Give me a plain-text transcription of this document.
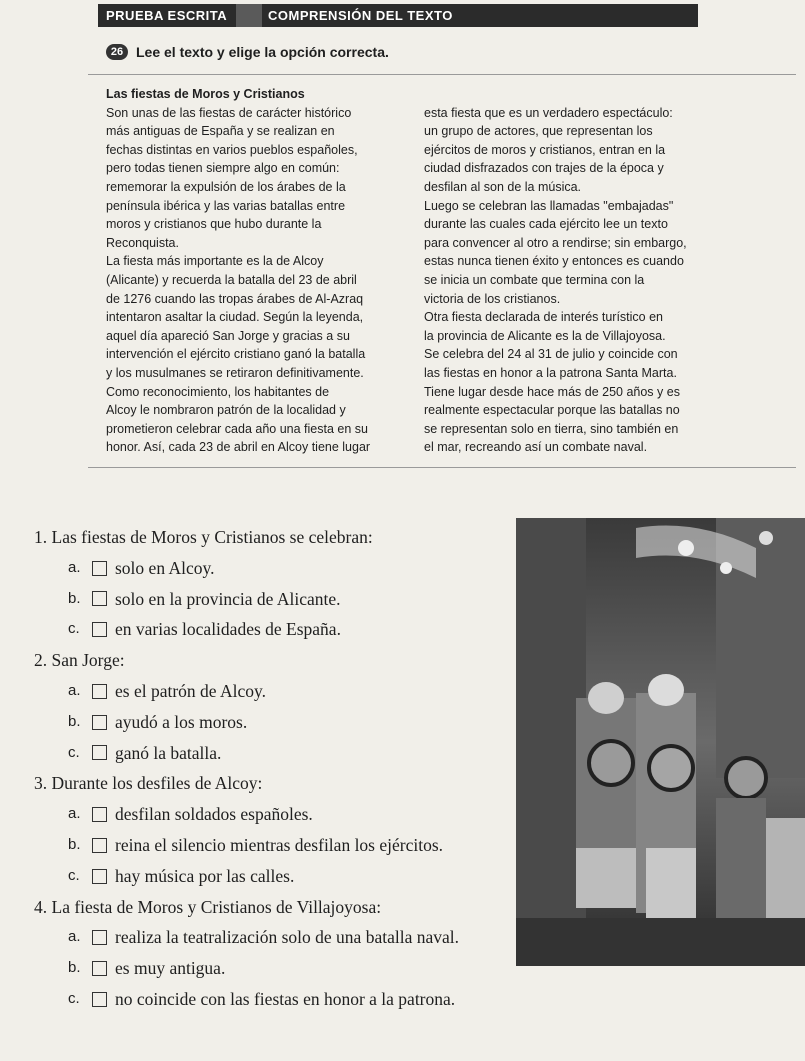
PRUEBA ESCRITA	COMPRENSIÓN DEL TEXTO
26 Lee el texto y elige la opción correcta.

Las fiestas de Moros y Cristianos

Son unas de las fiestas de carácter histórico

más antiguas de España y se realizan en

fechas distintas en varios pueblos españoles,

pero todas tienen siempre algo en común:

rememorar la expulsión de los árabes de la

península ibérica y las varias batallas entre

moros y cristianos que hubo durante la

Reconquista.

La fiesta más importante es la de Alcoy

(Alicante) y recuerda la batalla del 23 de abril

de 1276 cuando las tropas árabes de Al-Azraq

intentaron asaltar la ciudad. Según la leyenda,

aquel día apareció San Jorge y gracias a su

intervención el ejército cristiano ganó la batalla

y los musulmanes se retiraron definitivamente.

Como reconocimiento, los habitantes de

Alcoy le nombraron patrón de la localidad y

prometieron celebrar cada año una fiesta en su

honor. Así, cada 23 de abril en Alcoy tiene lugar

esta fiesta que es un verdadero espectáculo:

un grupo de actores, que representan los

ejércitos de moros y cristianos, entran en la

ciudad disfrazados con trajes de la época y

desfilan al son de la música.

Luego se celebran las llamadas "embajadas"

durante las cuales cada ejército lee un texto

para convencer al otro a rendirse; sin embargo,

estas nunca tienen éxito y entonces es cuando

se inicia un combate que termina con la

victoria de los cristianos.

Otra fiesta declarada de interés turístico en

la provincia de Alicante es la de Villajoyosa.

Se celebra del 24 al 31 de julio y coincide con

las fiestas en honor a la patrona Santa Marta.

Tiene lugar desde hace más de 250 años y es

realmente espectacular porque las batallas no

se representan solo en tierra, sino también en

el mar, recreando así un combate naval.

1. Las fiestas de Moros y Cristianos se celebran:

a.	solo en Alcoy.
b.	solo en la provincia de Alicante.
c.	en varias localidades de España.

2. San Jorge:

a.	es el patrón de Alcoy.
b.	ayudó a los moros.
c.	ganó la batalla.

3. Durante los desfiles de Alcoy:

a.	desfilan soldados españoles.
b.	reina el silencio mientras desfilan los ejércitos.
c.	hay música por las calles.

4. La fiesta de Moros y Cristianos de Villajoyosa:

a.	realiza la teatralización solo de una batalla naval.
b.	es muy antigua.
c.	no coincide con las fiestas en honor a la patrona.
